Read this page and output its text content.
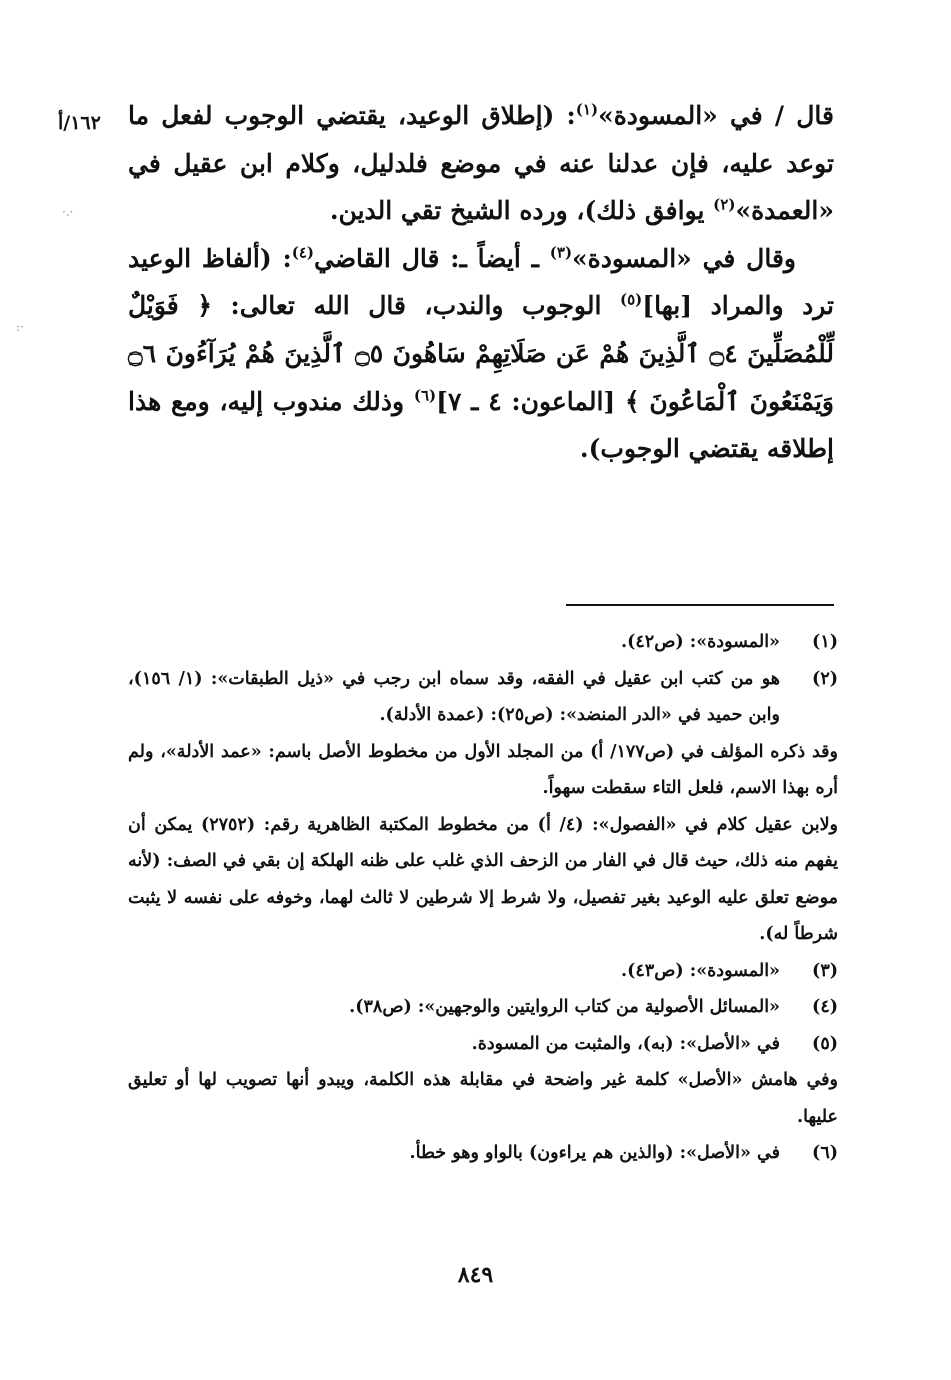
١٦٢/أ	قال / في «المسودة»$^{(١)}$: (إطلاق الوعيد، يقتضي الوجوب لفعل ما توعد عليه، فإن عدلنا عنه في موضع فلدليل، وكلام ابن عقيل في «العمدة»$^{(٢)}$ يوافق ذلك)، ورده الشيخ تقي الدين.

وقال في «المسودة»$^{(٣)}$ ـ أيضاً ـ: قال القاضي$^{(٤)}$: (ألفاظ الوعيد ترد والمراد [بها]$^{(٥)}$ الوجوب والندب، قال الله تعالى: ﴿ فَوَيْلٌ لِّلْمُصَلِّينَ ۝٤ ٱلَّذِينَ هُمْ عَن صَلَاتِهِمْ سَاهُونَ ۝٥ ٱلَّذِينَ هُمْ يُرَآءُونَ ۝٦ وَيَمْنَعُونَ ٱلْمَاعُونَ ﴾ [الماعون: ٤ ـ ٧]$^{(٦)}$ وذلك مندوب إليه، ومع هذا إطلاقه يقتضي الوجوب).

(١)
«المسودة»: (ص٤٢).

(٢)
هو من كتب ابن عقيل في الفقه، وقد سماه ابن رجب في «ذيل الطبقات»: (١/ ١٥٦)، وابن حميد في «الدر المنضد»: (ص٢٥): (عمدة الأدلة).

وقد ذكره المؤلف في (ص١٧٧/ أ) من المجلد الأول من مخطوط الأصل باسم: «عمد الأدلة»، ولم أره بهذا الاسم، فلعل التاء سقطت سهواً.

ولابن عقيل كلام في «الفصول»: (٤/ أ) من مخطوط المكتبة الظاهرية رقم: (٢٧٥٢) يمكن أن يفهم منه ذلك، حيث قال في الفار من الزحف الذي غلب على ظنه الهلكة إن بقي في الصف: (لأنه موضع تعلق عليه الوعيد بغير تفصيل، ولا شرط إلا شرطين لا ثالث لهما، وخوفه على نفسه لا يثبت شرطاً له).

(٣)
«المسودة»: (ص٤٣).

(٤)
«المسائل الأصولية من كتاب الروايتين والوجهين»: (ص٣٨).

(٥)
في «الأصل»: (به)، والمثبت من المسودة.

وفي هامش «الأصل» كلمة غير واضحة في مقابلة هذه الكلمة، ويبدو أنها تصويب لها أو تعليق عليها.

(٦)
في «الأصل»: (والذين هم يراءون) بالواو وهو خطأ.

٨٤٩
·.·
:·
